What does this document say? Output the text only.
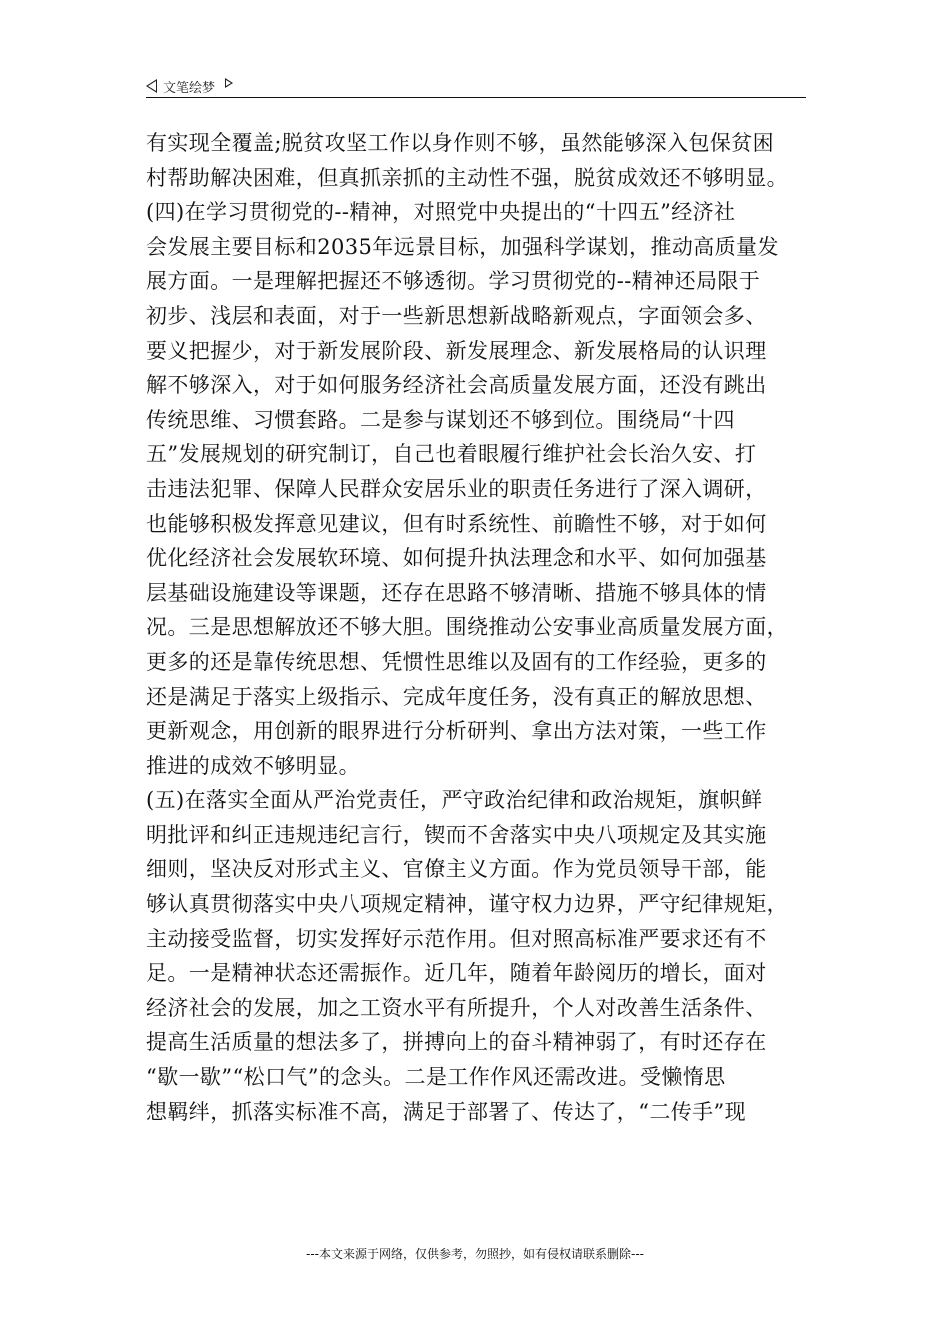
文笔绘梦
有实现全覆盖;脱贫攻坚工作以身作则不够，虽然能够深入包保贫困
村帮助解决困难，但真抓亲抓的主动性不强，脱贫成效还不够明显。
(四)在学习贯彻党的--精神，对照党中央提出的“十四五”经济社
会发展主要目标和2035年远景目标，加强科学谋划，推动高质量发
展方面。一是理解把握还不够透彻。学习贯彻党的--精神还局限于
初步、浅层和表面，对于一些新思想新战略新观点，字面领会多、
要义把握少，对于新发展阶段、新发展理念、新发展格局的认识理
解不够深入，对于如何服务经济社会高质量发展方面，还没有跳出
传统思维、习惯套路。二是参与谋划还不够到位。围绕局“十四
五”发展规划的研究制订，自己也着眼履行维护社会长治久安、打
击违法犯罪、保障人民群众安居乐业的职责任务进行了深入调研，
也能够积极发挥意见建议，但有时系统性、前瞻性不够，对于如何
优化经济社会发展软环境、如何提升执法理念和水平、如何加强基
层基础设施建设等课题，还存在思路不够清晰、措施不够具体的情
况。三是思想解放还不够大胆。围绕推动公安事业高质量发展方面，
更多的还是靠传统思想、凭惯性思维以及固有的工作经验，更多的
还是满足于落实上级指示、完成年度任务，没有真正的解放思想、
更新观念，用创新的眼界进行分析研判、拿出方法对策，一些工作
推进的成效不够明显。
(五)在落实全面从严治党责任，严守政治纪律和政治规矩，旗帜鲜
明批评和纠正违规违纪言行，锲而不舍落实中央八项规定及其实施
细则，坚决反对形式主义、官僚主义方面。作为党员领导干部，能
够认真贯彻落实中央八项规定精神，谨守权力边界，严守纪律规矩，
主动接受监督，切实发挥好示范作用。但对照高标准严要求还有不
足。一是精神状态还需振作。近几年，随着年龄阅历的增长，面对
经济社会的发展，加之工资水平有所提升，个人对改善生活条件、
提高生活质量的想法多了，拼搏向上的奋斗精神弱了，有时还存在
“歇一歇”“松口气”的念头。二是工作作风还需改进。受懒惰思
想羁绊，抓落实标准不高，满足于部署了、传达了，“二传手”现
---本文来源于网络，仅供参考，勿照抄，如有侵权请联系删除---
